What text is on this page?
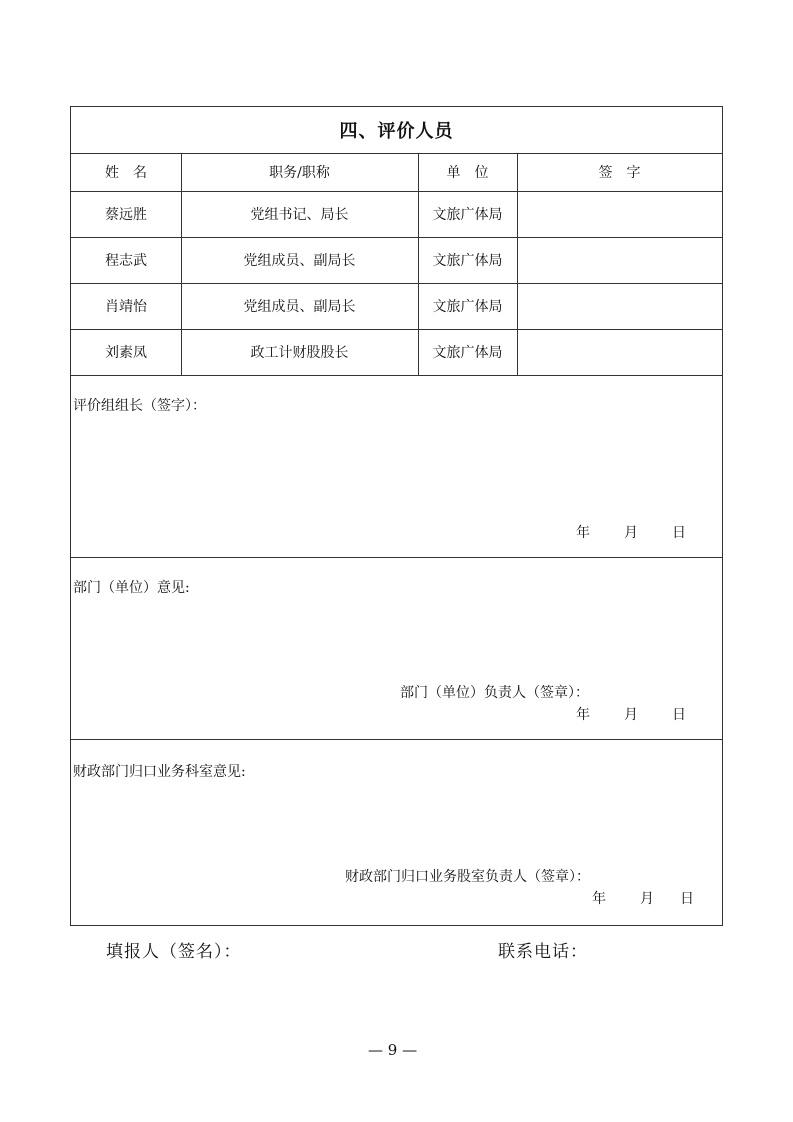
四、评价人员
姓　名	职务/职称	单　位	签　字
蔡远胜	党组书记、局长	文旅广体局
程志武	党组成员、副局长	文旅广体局
肖靖怡	党组成员、副局长	文旅广体局
刘素凤	政工计财股股长	文旅广体局
评价组组长（签字）：
年 月 日
部门（单位）意见:
部门（单位）负责人（签章）：
年 月 日
财政部门归口业务科室意见:
财政部门归口业务股室负责人（签章）：
年 月 日
填报人（签名）：	联系电话：
— 9 —
